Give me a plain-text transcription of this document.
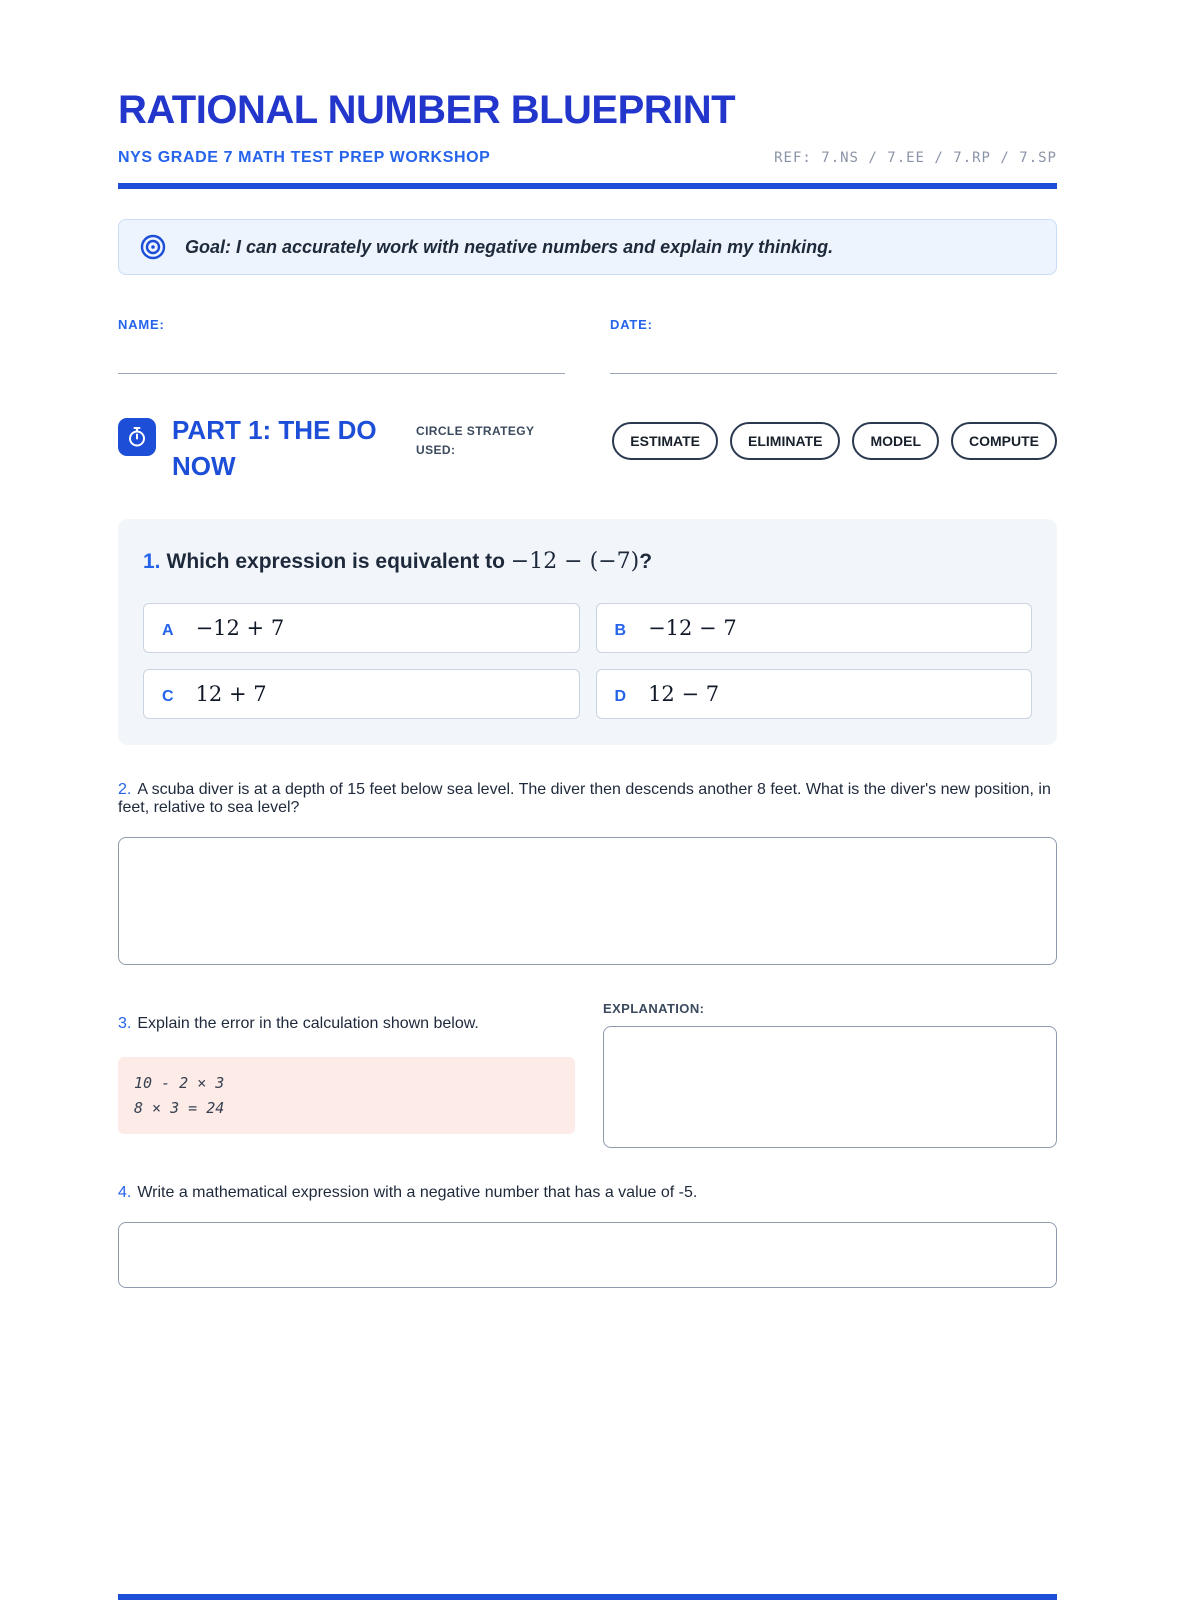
RATIONAL NUMBER BLUEPRINT
NYS GRADE 7 MATH TEST PREP WORKSHOP	REF: 7.NS / 7.EE / 7.RP / 7.SP
Goal: I can accurately work with negative numbers and explain my thinking.
NAME:	DATE:
PART 1: THE DO NOW
CIRCLE STRATEGY USED:
ESTIMATE	ELIMINATE	MODEL	COMPUTE

1. Which expression is equivalent to −12 − (−7)?

A −12 + 7	B −12 − 7
C 12 + 7	D 12 − 7

2. A scuba diver is at a depth of 15 feet below sea level. The diver then descends another 8 feet. What is the diver's new position, in feet, relative to sea level?

3. Explain the error in the calculation shown below.

10 - 2 × 3
8 × 3 = 24
EXPLANATION:

4. Write a mathematical expression with a negative number that has a value of -5.
